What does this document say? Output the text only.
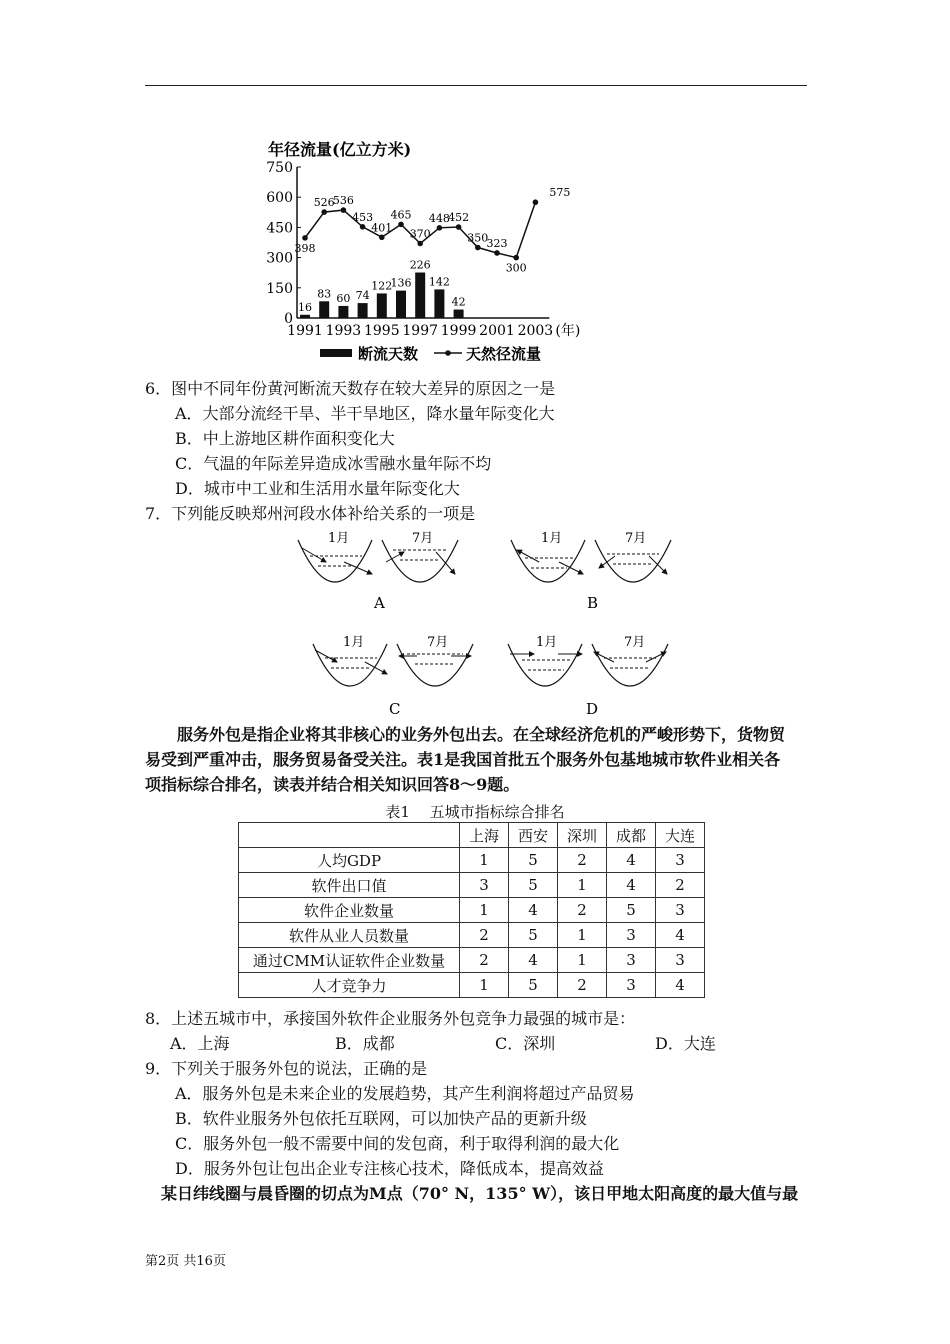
年径流量(亿立方米)
0
150
300
450
600
750
1991 1993 1995 1997 1999 2001 2003 (年)
16
83 60 74
122
136
226
142
42
398
526
536
453
401
465
370
448
452
350
323
300
575
断流天数	天然径流量
6．图中不同年份黄河断流天数存在较大差异的原因之一是
A．大部分流经干旱、半干旱地区，降水量年际变化大
B．中上游地区耕作面积变化大
C．气温的年际差异造成冰雪融水量年际不均
D．城市中工业和生活用水量年际变化大
7．下列能反映郑州河段水体补给关系的一项是
1月	7月
A
1月	7月
B
1月	7月
C
1月	7月
D

　　服务外包是指企业将其非核心的业务外包出去。在全球经济危机的严峻形势下，货物贸

易受到严重冲击，服务贸易备受关注。表1是我国首批五个服务外包基地城市软件业相关各

项指标综合排名，读表并结合相关知识回答8～9题。

表1　 五城市指标综合排名
	上海	西安	深圳	成都	大连
人均GDP	1	5	2	4	3
软件出口值	3	5	1	4	2
软件企业数量	1	4	2	5	3
软件从业人员数量	2	5	1	3	4
通过CMM认证软件企业数量	2	4	1	3	3
人才竞争力	1	5	2	3	4
8．上述五城市中，承接国外软件企业服务外包竞争力最强的城市是：
A．上海	B．成都	C．深圳	D．大连
9．下列关于服务外包的说法，正确的是
A．服务外包是未来企业的发展趋势，其产生利润将超过产品贸易
B．软件业服务外包依托互联网，可以加快产品的更新升级
C．服务外包一般不需要中间的发包商，利于取得利润的最大化
D．服务外包让包出企业专注核心技术，降低成本，提高效益
　某日纬线圈与晨昏圈的切点为M点（70° N，135° W），该日甲地太阳高度的最大值与最
第2页 共16页
